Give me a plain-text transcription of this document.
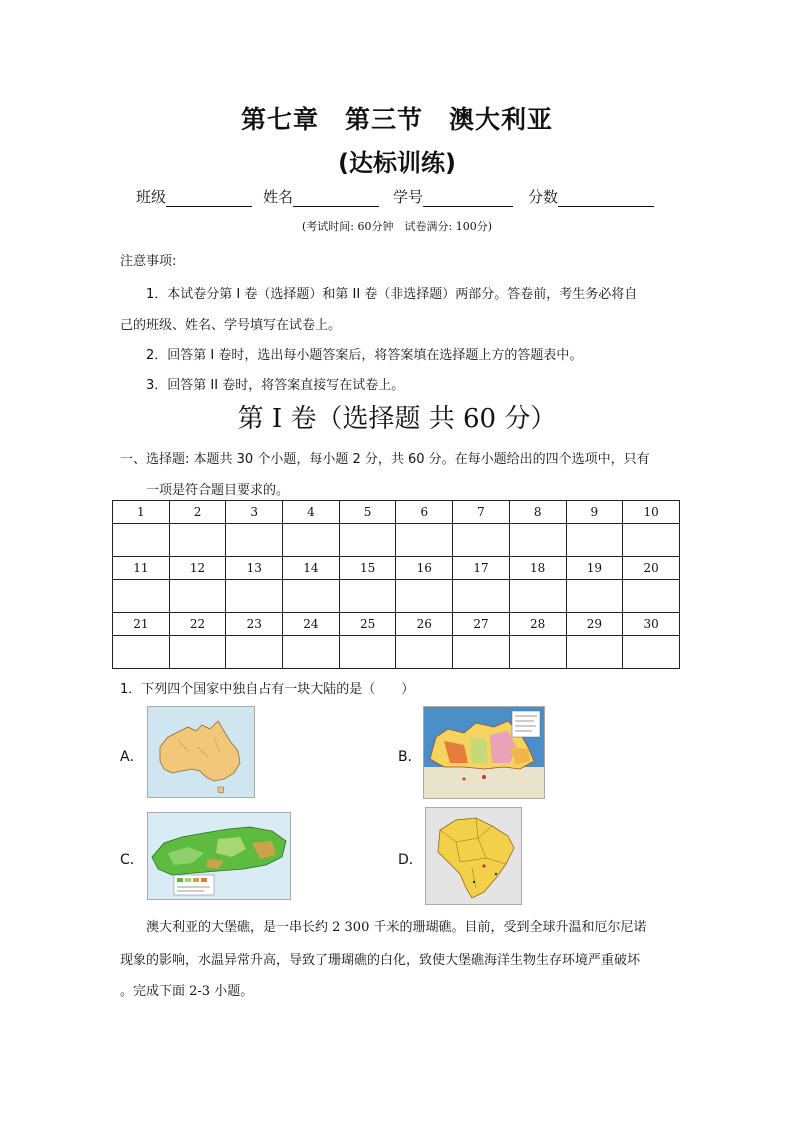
第七章　第三节　澳大利亚
(达标训练)
班级	姓名	学号	分数
(考试时间: 60分钟　试卷满分: 100分)
注意事项:
1．本试卷分第 I 卷（选择题）和第 II 卷（非选择题）两部分。答卷前，考生务必将自
己的班级、姓名、学号填写在试卷上。
2．回答第 I 卷时，选出每小题答案后，将答案填在选择题上方的答题表中。
3．回答第 II 卷时，将答案直接写在试卷上。
第 I 卷（选择题 共 60 分）
一、选择题: 本题共 30 个小题，每小题 2 分，共 60 分。在每小题给出的四个选项中，只有
一项是符合题目要求的。
1	2	3	4	5	6	7	8	9	10

11	12	13	14	15	16	17	18	19	20

21	22	23	24	25	26	27	28	29	30

1．下列四个国家中独自占有一块大陆的是（　　）
A．	B．
C．	D．
澳大利亚的大堡礁，是一串长约 2 300 千米的珊瑚礁。目前，受到全球升温和厄尔尼诺
现象的影响，水温异常升高，导致了珊瑚礁的白化，致使大堡礁海洋生物生存环境严重破坏
。完成下面 2-3 小题。
